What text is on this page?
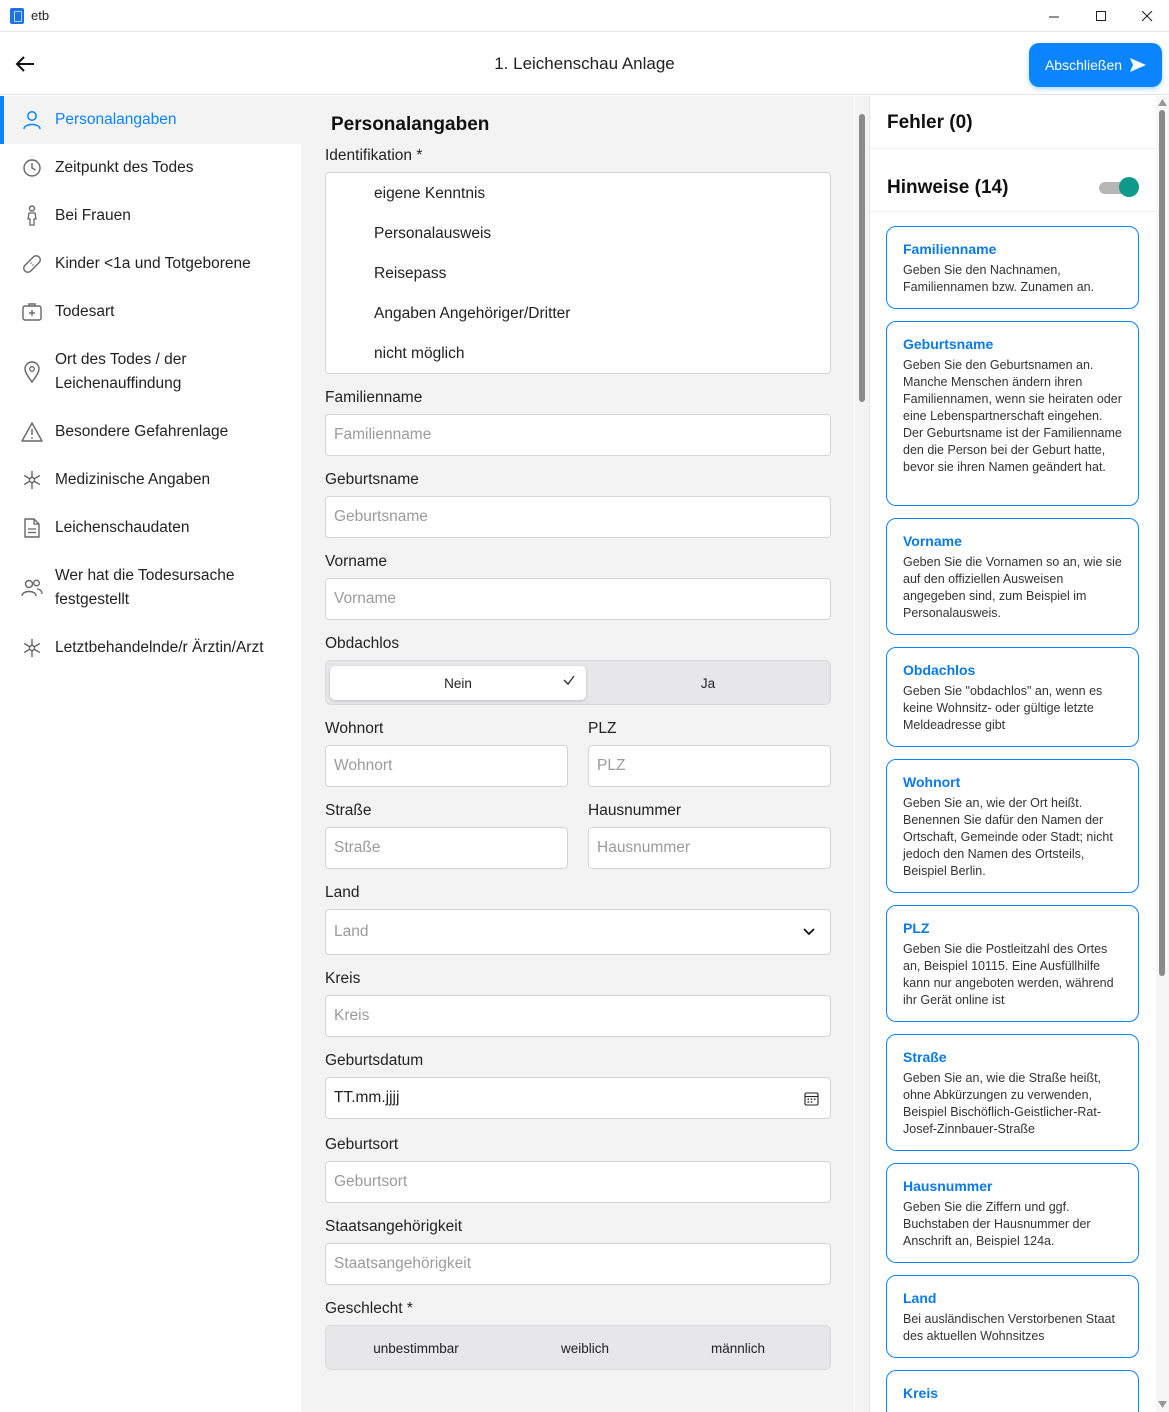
etb
1. Leichenschau Anlage	Abschließen
Personalangaben
Zeitpunkt des Todes
Bei Frauen
Kinder <1a und Totgeborene
Todesart
Ort des Todes / der Leichenauffindung
Besondere Gefahrenlage
Medizinische Angaben
Leichenschaudaten
Wer hat die Todesursache festgestellt
Letztbehandelnde/r Ärztin/Arzt
Personalangaben
Identifikation *
eigene Kenntnis
Personalausweis
Reisepass
Angaben Angehöriger/Dritter
nicht möglich
Familienname
Familienname
Geburtsname
Geburtsname
Vorname
Vorname
Obdachlos
Nein	Ja
Wohnort
Wohnort
PLZ
PLZ
Straße
Straße
Hausnummer
Hausnummer
Land
Land
Kreis
Kreis
Geburtsdatum
TT.mm.jjjj
Geburtsort
Geburtsort
Staatsangehörigkeit
Staatsangehörigkeit
Geschlecht *
unbestimmbar	weiblich	männlich
Fehler (0)
Hinweise (14)
Familienname
Geben Sie den Nachnamen, Familiennamen bzw. Zunamen an.
Geburtsname
Geben Sie den Geburtsnamen an. Manche Menschen ändern ihren Familiennamen, wenn sie heiraten oder eine Lebenspartnerschaft eingehen. Der Geburtsname ist der Familienname den die Person bei der Geburt hatte, bevor sie ihren Namen geändert hat.
Vorname
Geben Sie die Vornamen so an, wie sie auf den offiziellen Ausweisen angegeben sind, zum Beispiel im Personalausweis.
Obdachlos
Geben Sie "obdachlos" an, wenn es keine Wohnsitz- oder gültige letzte Meldeadresse gibt
Wohnort
Geben Sie an, wie der Ort heißt. Benennen Sie dafür den Namen der Ortschaft, Gemeinde oder Stadt; nicht jedoch den Namen des Ortsteils, Beispiel Berlin.
PLZ
Geben Sie die Postleitzahl des Ortes an, Beispiel 10115. Eine Ausfüllhilfe kann nur angeboten werden, während ihr Gerät online ist
Straße
Geben Sie an, wie die Straße heißt, ohne Abkürzungen zu verwenden, Beispiel Bischöflich-Geistlicher-Rat-Josef-Zinnbauer-Straße
Hausnummer
Geben Sie die Ziffern und ggf. Buchstaben der Hausnummer der Anschrift an, Beispiel 124a.
Land
Bei ausländischen Verstorbenen Staat des aktuellen Wohnsitzes
Kreis
